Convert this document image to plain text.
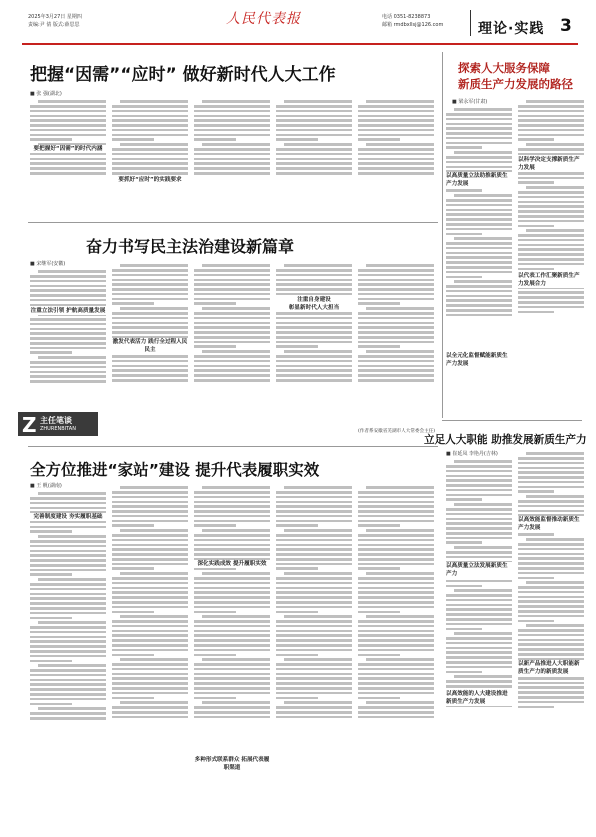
2025年3月27日 星期四
责编:尹 倩 版式:薛思思	人民代表报	电话 0351-8238873
邮箱 rmdbxllsj@126.com 理论·实践 3
把握“因需”“应时” 做好新时代人大工作
■ 张 强(湖北)
要把握好“因需”的时代内涵
要抓好“应时”的实践要求
探索人大服务保障
新质生产力发展的路径
■ 梁永军(甘肃)
以高质量立法助推新质生产力发展
以全元化监督赋能新质生产力发展
以科学决定支撑新质生产力发展
以代表工作汇聚新质生产力发展合力
奋力书写民主法治建设新篇章
■ 宋继军(安徽)
注重立法引领 护航高质量发展
激发代表活力 践行全过程人民民主
注重自身建设
彰显新时代人大担当
(作者系安徽省芜湖市人大常委会主任)
Z 主任笔谈
ZHURENBITAN
立足人大职能 助推发展新质生产力
■ 崔延凤 李艳丹(吉林)
以高质量立法发展新质生产力
以高效能的人大建设推进新质生产力发展
以高效能监督推动新质生产力发展
以新产品推进人大职能新质生产力的新质发展
全方位推进“家站”建设 提升代表履职实效
■ 王 帆(湖南)
完善制度建设 夯实履职基础
深化实践成效 提升履职实效
多种形式联系群众 拓展代表履职渠道
